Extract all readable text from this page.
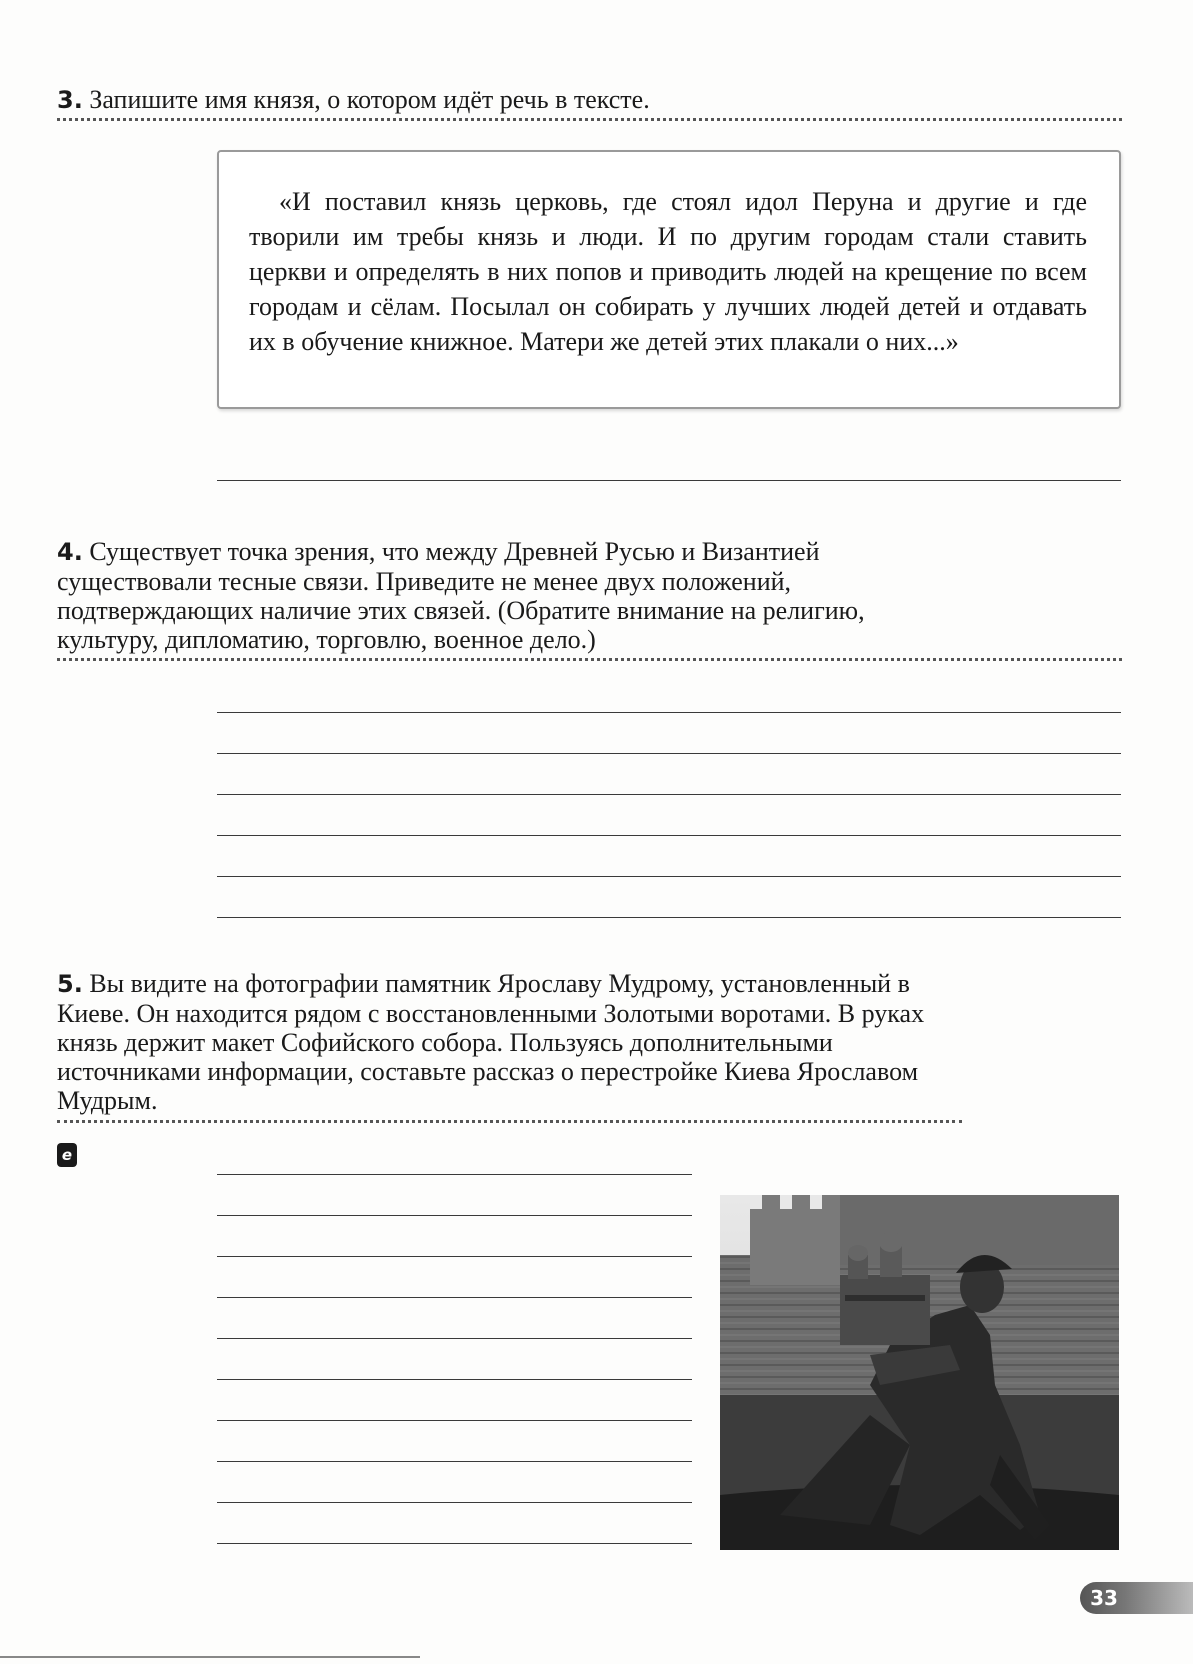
3. Запишите имя князя, о котором идёт речь в тексте.

«И поставил князь церковь, где стоял идол Перуна и другие и где творили им требы князь и люди. И по другим городам стали ставить церкви и определять в них попов и приводить людей на крещение по всем городам и сёлам. Посылал он собирать у лучших людей детей и отдавать их в обучение книжное. Матери же детей этих плакали о них...»

4. Существует точка зрения, что между Древней Русью и Византией существовали тесные связи. Приведите не менее двух положений, подтверждающих наличие этих связей. (Обратите внимание на религию, культуру, дипломатию, торговлю, военное дело.)
5. Вы видите на фотографии памятник Ярославу Мудрому, установленный в Киеве. Он находится рядом с восстановленными Золотыми воротами. В руках князь держит макет Софийского собора. Пользуясь дополнительными источниками информации, составьте рассказ о перестройке Киева Ярославом Мудрым.
e
33
